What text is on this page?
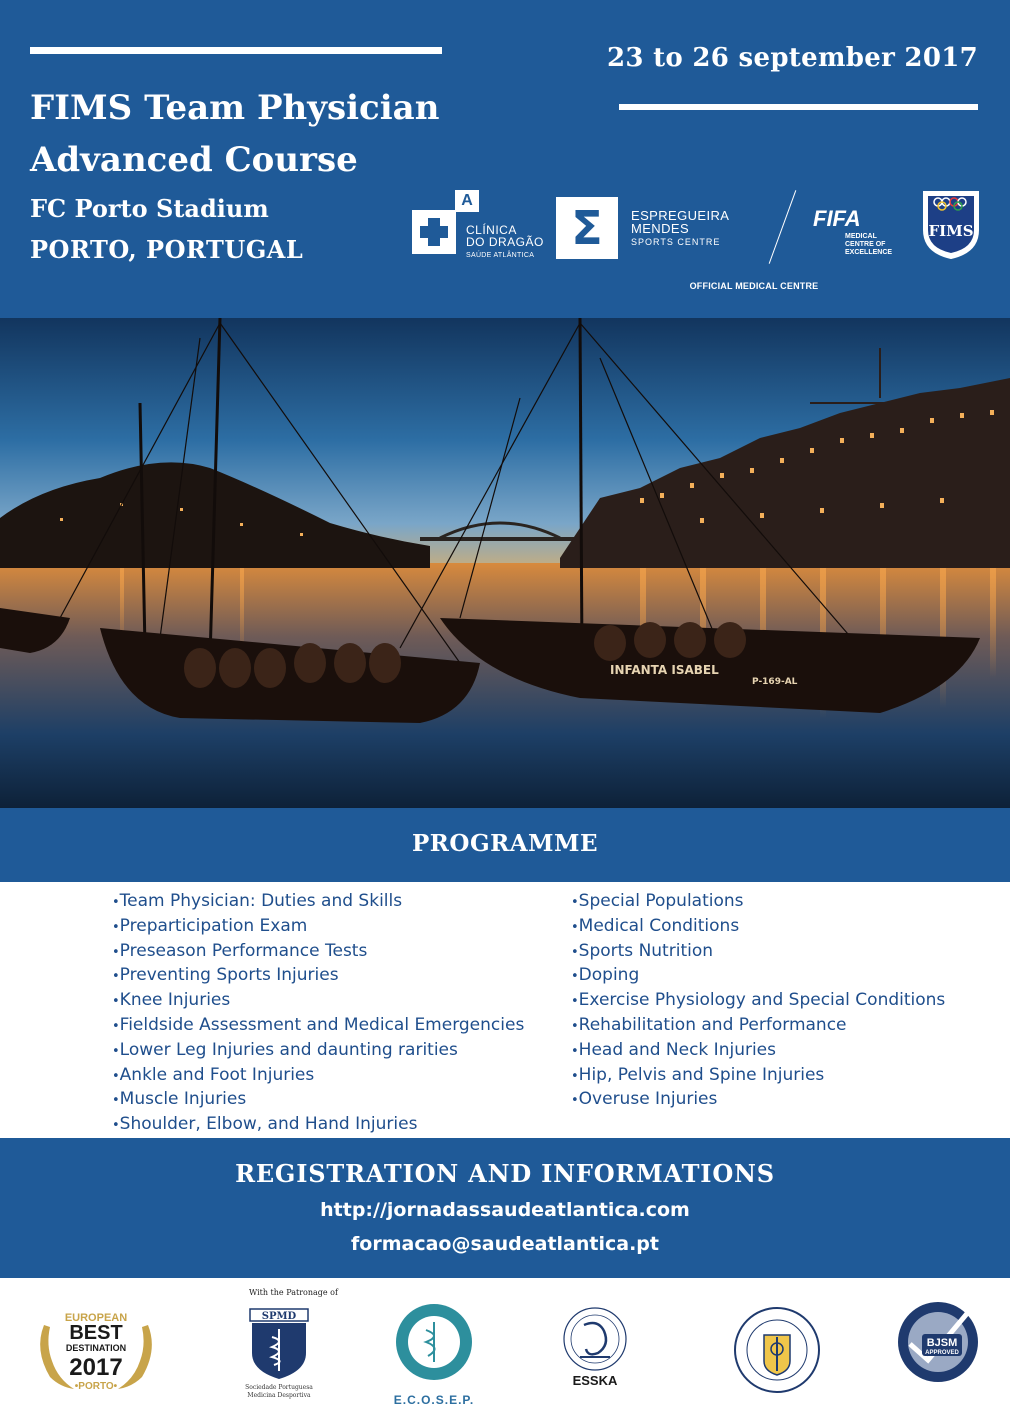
23 to 26 september 2017
FIMS Team Physician
Advanced Course
FC Porto Stadium
PORTO, PORTUGAL
A
CLÍNICA
DO DRAGÃO
SAÚDE ATLÂNTICA
Σ	ESPREGUEIRA
MENDES
SPORTS CENTRE
FIFA
MEDICAL
CENTRE OF
EXCELLENCE
FIMS
OFFICIAL MEDICAL CENTRE
INFANTA ISABEL
P-169-AL
PROGRAMME
• Team Physician: Duties and Skills
• Preparticipation Exam
• Preseason Performance Tests
• Preventing Sports Injuries
• Knee Injuries
• Fieldside Assessment and Medical Emergencies
• Lower Leg Injuries and daunting rarities
• Ankle and Foot Injuries
• Muscle Injuries
• Shoulder, Elbow, and Hand Injuries
• Special Populations
• Medical Conditions
• Sports Nutrition
• Doping
• Exercise Physiology and Special Conditions
• Rehabilitation and Performance
• Head and Neck Injuries
• Hip, Pelvis and Spine Injuries
• Overuse Injuries
REGISTRATION AND INFORMATIONS
http://jornadassaudeatlantica.com
formacao@saudeatlantica.pt
With the Patronage of
EUROPEAN
BEST
DESTINATION
2017
•PORTO•
SPMD
Sociedade Portuguesa
Medicina Desportiva	E.C.O.S.E.P.
ESSKA
BJSM
APPROVED
